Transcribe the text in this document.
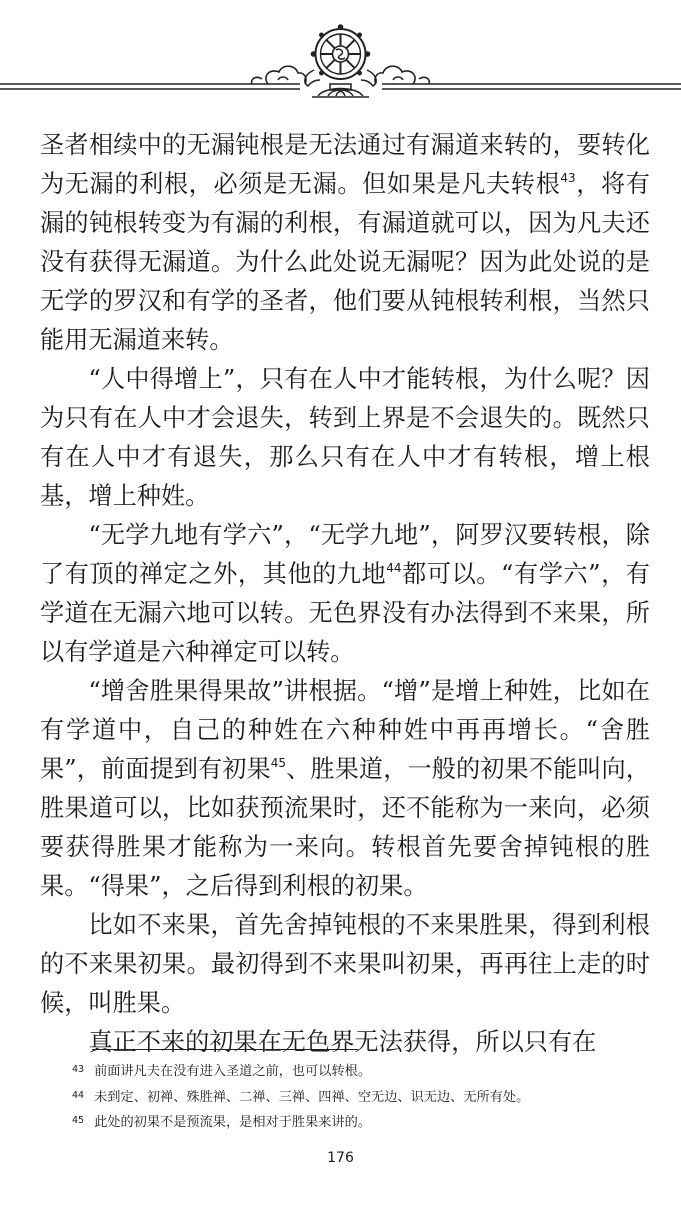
圣者相续中的无漏钝根是无法通过有漏道来转的，要转化为无漏的利根，必须是无漏。但如果是凡夫转根$^{43}$，将有漏的钝根转变为有漏的利根，有漏道就可以，因为凡夫还没有获得无漏道。为什么此处说无漏呢？因为此处说的是无学的罗汉和有学的圣者，他们要从钝根转利根，当然只能用无漏道来转。

“人中得增上”，只有在人中才能转根，为什么呢？因为只有在人中才会退失，转到上界是不会退失的。既然只有在人中才有退失，那么只有在人中才有转根，增上根基，增上种姓。

“无学九地有学六”，“无学九地”，阿罗汉要转根，除了有顶的禅定之外，其他的九地$^{44}$都可以。“有学六”，有学道在无漏六地可以转。无色界没有办法得到不来果，所以有学道是六种禅定可以转。

“增舍胜果得果故”讲根据。“增”是增上种姓，比如在有学道中，自己的种姓在六种种姓中再再增长。“舍胜果”，前面提到有初果$^{45}$、胜果道，一般的初果不能叫向，胜果道可以，比如获预流果时，还不能称为一来向，必须要获得胜果才能称为一来向。转根首先要舍掉钝根的胜果。“得果”，之后得到利根的初果。

比如不来果，首先舍掉钝根的不来果胜果，得到利根的不来果初果。最初得到不来果叫初果，再再往上走的时候，叫胜果。

真正不来的初果在无色界无法获得，所以只有在

$^{43}$ 前面讲凡夫在没有进入圣道之前，也可以转根。

$^{44}$ 未到定、初禅、殊胜禅、二禅、三禅、四禅、空无边、识无边、无所有处。

$^{45}$ 此处的初果不是预流果，是相对于胜果来讲的。

176
